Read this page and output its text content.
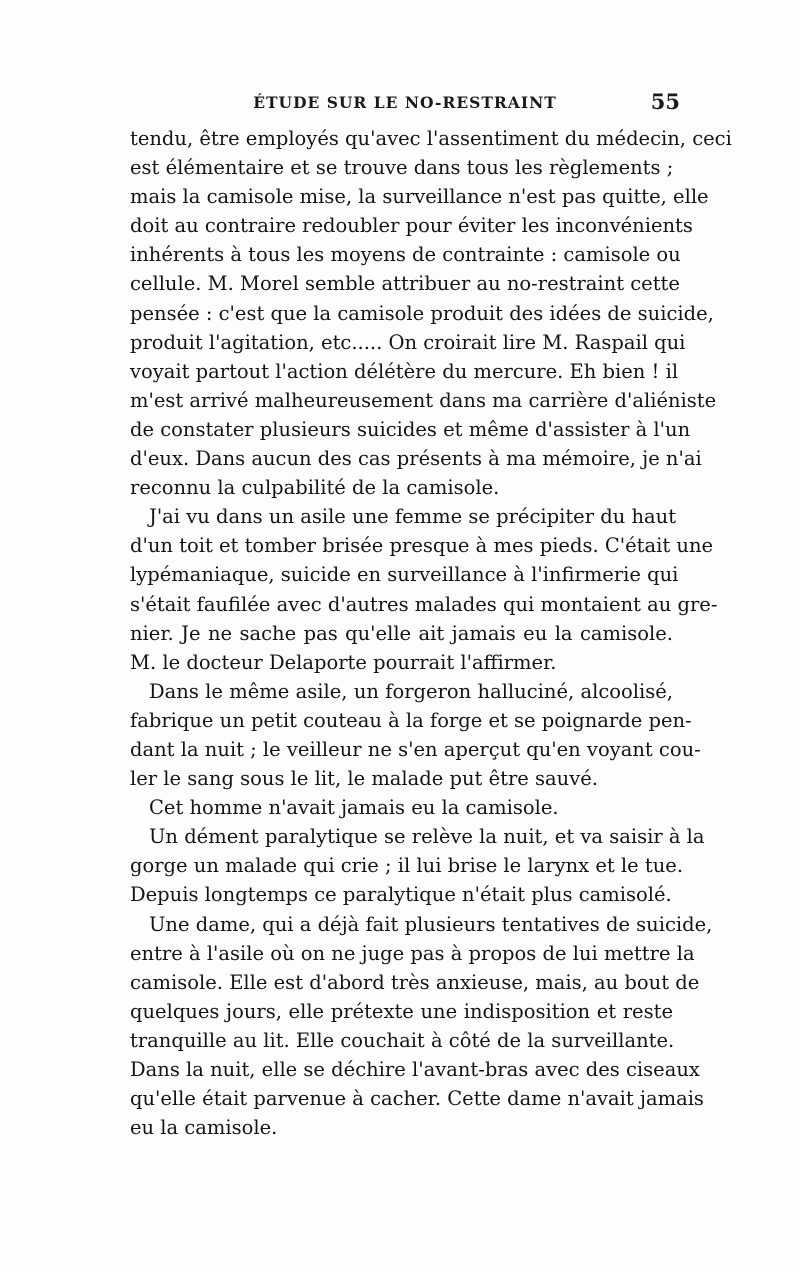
ÉTUDE SUR LE NO-RESTRAINT	55

tendu, être employés qu'avec l'assentiment du médecin, ceci
est élémentaire et se trouve dans tous les règlements ;
mais la camisole mise, la surveillance n'est pas quitte, elle
doit au contraire redoubler pour éviter les inconvénients
inhérents à tous les moyens de contrainte : camisole ou
cellule. M. Morel semble attribuer au no-restraint cette
pensée : c'est que la camisole produit des idées de suicide,
produit l'agitation, etc..... On croirait lire M. Raspail qui
voyait partout l'action délétère du mercure. Eh bien ! il
m'est arrivé malheureusement dans ma carrière d'aliéniste
de constater plusieurs suicides et même d'assister à l'un
d'eux. Dans aucun des cas présents à ma mémoire, je n'ai
reconnu la culpabilité de la camisole.

J'ai vu dans un asile une femme se précipiter du haut
d'un toit et tomber brisée presque à mes pieds. C'était une
lypémaniaque, suicide en surveillance à l'infirmerie qui
s'était faufilée avec d'autres malades qui montaient au gre-
nier. Je ne sache pas qu'elle ait jamais eu la camisole.
M. le docteur Delaporte pourrait l'affirmer.

Dans le même asile, un forgeron halluciné, alcoolisé,
fabrique un petit couteau à la forge et se poignarde pen-
dant la nuit ; le veilleur ne s'en aperçut qu'en voyant cou-
ler le sang sous le lit, le malade put être sauvé.

Cet homme n'avait jamais eu la camisole.

Un dément paralytique se relève la nuit, et va saisir à la
gorge un malade qui crie ; il lui brise le larynx et le tue.
Depuis longtemps ce paralytique n'était plus camisolé.

Une dame, qui a déjà fait plusieurs tentatives de suicide,
entre à l'asile où on ne juge pas à propos de lui mettre la
camisole. Elle est d'abord très anxieuse, mais, au bout de
quelques jours, elle prétexte une indisposition et reste
tranquille au lit. Elle couchait à côté de la surveillante.
Dans la nuit, elle se déchire l'avant-bras avec des ciseaux
qu'elle était parvenue à cacher. Cette dame n'avait jamais
eu la camisole.
